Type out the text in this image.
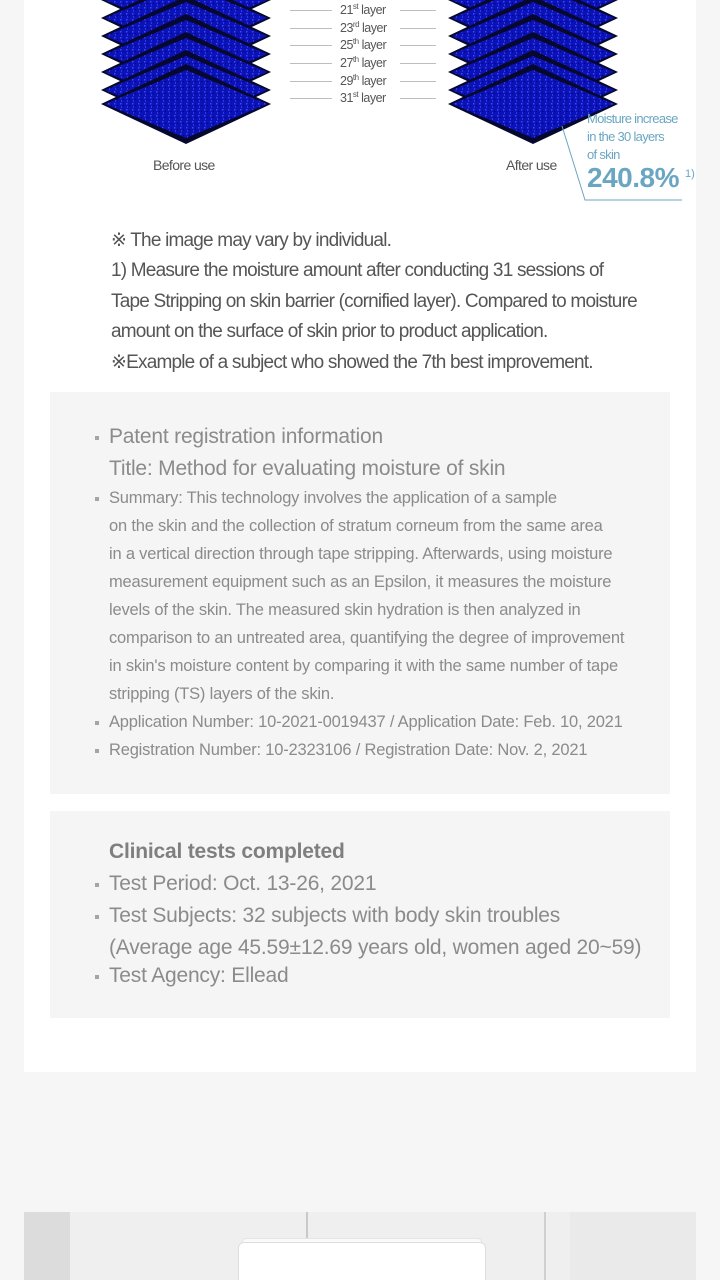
21st layer
23rd layer
25th layer
27th layer
29th layer
31st layer
Before use	After use
Moisture increase
in the 30 layers
of skin
240.8% 1)
※ The image may vary by individual.
1) Measure the moisture amount after conducting 31 sessions of
Tape Stripping on skin barrier (cornified layer). Compared to moisture
amount on the surface of skin prior to product application.
※Example of a subject who showed the 7th best improvement.
Patent registration information
Title: Method for evaluating moisture of skin
Summary: This technology involves the application of a sample
on the skin and the collection of stratum corneum from the same area
in a vertical direction through tape stripping. Afterwards, using moisture
measurement equipment such as an Epsilon, it measures the moisture
levels of the skin. The measured skin hydration is then analyzed in
comparison to an untreated area, quantifying the degree of improvement
in skin's moisture content by comparing it with the same number of tape
stripping (TS) layers of the skin.
Application Number: 10-2021-0019437 / Application Date: Feb. 10, 2021
Registration Number: 10-2323106 / Registration Date: Nov. 2, 2021
Clinical tests completed
Test Period: Oct. 13-26, 2021
Test Subjects: 32 subjects with body skin troubles
(Average age 45.59±12.69 years old, women aged 20~59)
Test Agency: Ellead
